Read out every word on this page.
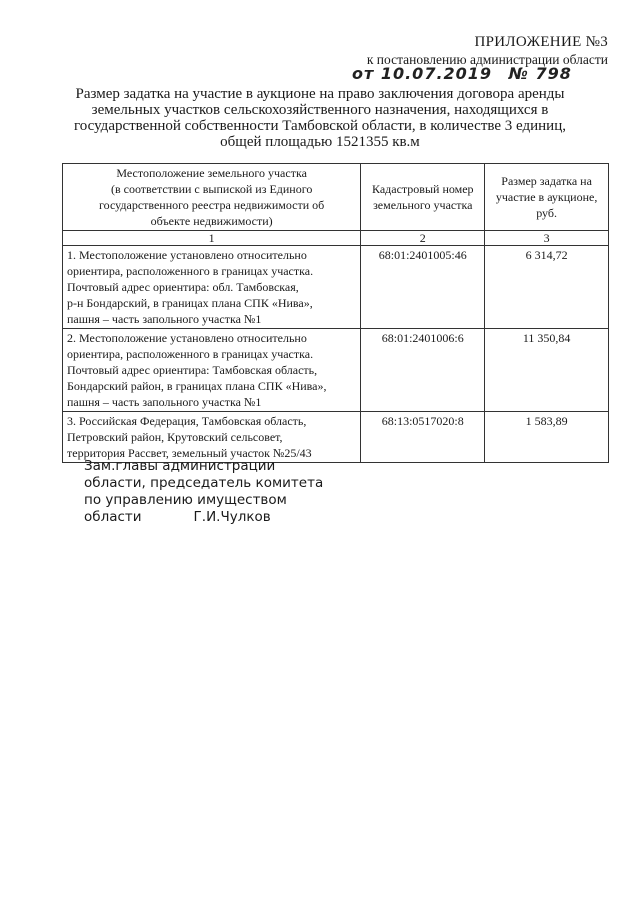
ПРИЛОЖЕНИЕ №3
к постановлению администрации области
от 10.07.2019 № 798
Размер задатка на участие в аукционе на право заключения договора аренды
земельных участков сельскохозяйственного назначения, находящихся в
государственной собственности Тамбовской области, в количестве 3 единиц,
общей площадью 1521355 кв.м
Местоположение земельного участка
(в соответствии с выпиской из Единого
государственного реестра недвижимости об
объекте недвижимости)	Кадастровый номер
земельного участка	Размер задатка на
участие в аукционе,
руб.
1	2	3
1. Местоположение установлено относительно
ориентира, расположенного в границах участка.
Почтовый адрес ориентира: обл. Тамбовская,
р-н Бондарский, в границах плана СПК «Нива»,
пашня – часть запольного участка №1	68:01:2401005:46	6 314,72
2. Местоположение установлено относительно
ориентира, расположенного в границах участка.
Почтовый адрес ориентира: Тамбовская область,
Бондарский район, в границах плана СПК «Нива»,
пашня – часть запольного участка №1	68:01:2401006:6	11 350,84
3. Российская Федерация, Тамбовская область,
Петровский район, Крутовский сельсовет,
территория Рассвет, земельный участок №25/43	68:13:0517020:8	1 583,89
Зам.главы администрации
области, председатель комитета
по управлению имуществом
области	Г.И.Чулков
